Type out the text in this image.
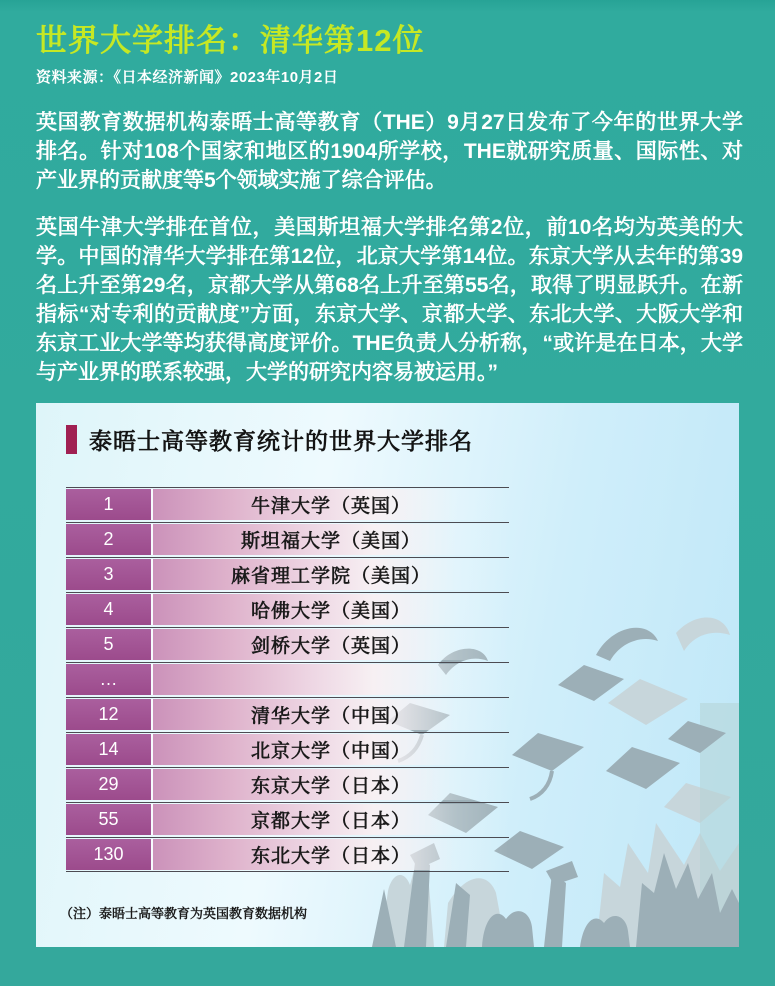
世界大学排名：清华第12位
资料来源：《日本经济新闻》2023年10月2日

英国教育数据机构泰晤士高等教育（THE）9月27日发布了今年的世界大学排名。针对108个国家和地区的1904所学校，THE就研究质量、国际性、对产业界的贡献度等5个领域实施了综合评估。

英国牛津大学排在首位，美国斯坦福大学排名第2位，前10名均为英美的大学。中国的清华大学排在第12位，北京大学第14位。东京大学从去年的第39名上升至第29名，京都大学从第68名上升至第55名，取得了明显跃升。在新指标“对专利的贡献度”方面，东京大学、京都大学、东北大学、大阪大学和东京工业大学等均获得高度评价。THE负责人分析称，“或许是在日本，大学与产业界的联系较强，大学的研究内容易被运用。”

泰晤士高等教育统计的世界大学排名
1	牛津大学（英国）
2	斯坦福大学（美国）
3	麻省理工学院（美国）
4	哈佛大学（美国）
5	剑桥大学（英国）
…
12	清华大学（中国）
14	北京大学（中国）
29	东京大学（日本）
55	京都大学（日本）
130	东北大学（日本）
（注）泰晤士高等教育为英国教育数据机构
